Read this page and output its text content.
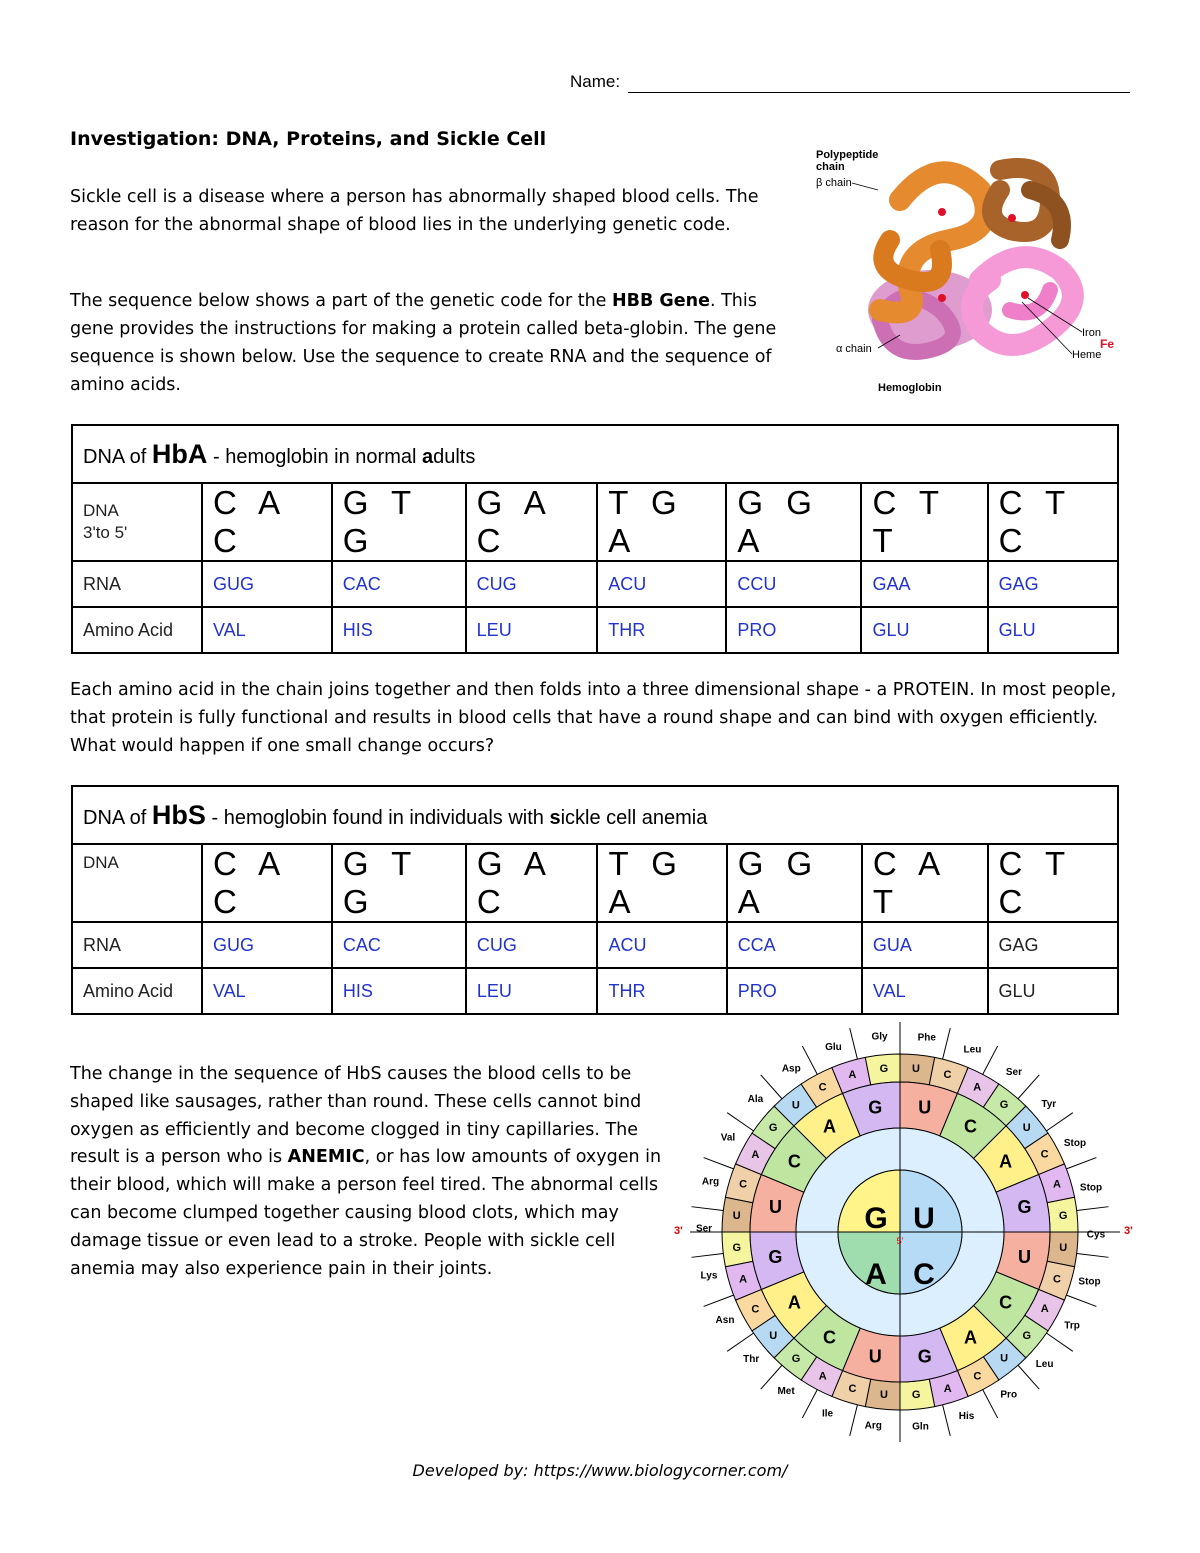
Name:
Investigation: DNA, Proteins, and Sickle Cell
Sickle cell is a disease where a person has abnormally shaped blood cells. The reason for the abnormal shape of blood lies in the underlying genetic code.
The sequence below shows a part of the genetic code for the HBB Gene. This gene provides the instructions for making a protein called beta-globin. The gene sequence is shown below. Use the sequence to create RNA and the sequence of amino acids.
Polypeptide
chain
β chain
α chain
Iron
Fe
Heme
Hemoglobin
DNA of HbA - hemoglobin in normal adults							
DNA
3'to 5'	C A C	G T G	G A C	T G A	G G A	C T T	C T C
RNA	GUG	CAC	CUG	ACU	CCU	GAA	GAG
Amino Acid	VAL	HIS	LEU	THR	PRO	GLU	GLU
Each amino acid in the chain joins together and then folds into a three dimensional shape - a PROTEIN. In most people, that protein is fully functional and results in blood cells that have a round shape and can bind with oxygen efficiently. What would happen if one small change occurs?
DNA of HbS - hemoglobin found in individuals with sickle cell anemia							
DNA	C A C	G T G	G A C	T G A	G G A	C A T	C T C
RNA	GUG	CAC	CUG	ACU	CCA	GUA	GAG
Amino Acid	VAL	HIS	LEU	THR	PRO	VAL	GLU
The change in the sequence of HbS causes the blood cells to be shaped like sausages, rather than round. These cells cannot bind oxygen as efficiently and become clogged in tiny capillaries. The result is a person who is ANEMIC, or has low amounts of oxygen in their blood, which will make a person feel tired. The abnormal cells can become clumped together causing blood clots, which may damage tissue or even lead to a stroke. People with sickle cell anemia may also experience pain in their joints.
U
C
A
G
U
C
A
G
U
C
A
G
U
C
A
G
U
C
A
G
U
C
A
G
U
C
A
G
U
C
A
G
U
C
A
G
U
C
A
G
U
C
A
G
U
C
A
G
Gly	Phe
Leu
Ser
Tyr
Stop
Stop
Cys
Stop
Trp
Leu
Pro
His
Gln
Arg
Ile
Met
Thr
Asn
Lys
Ser
Arg
Val
Ala
Asp
Glu
G U
A C
5'
3'	3'
Developed by: https://www.biologycorner.com/
